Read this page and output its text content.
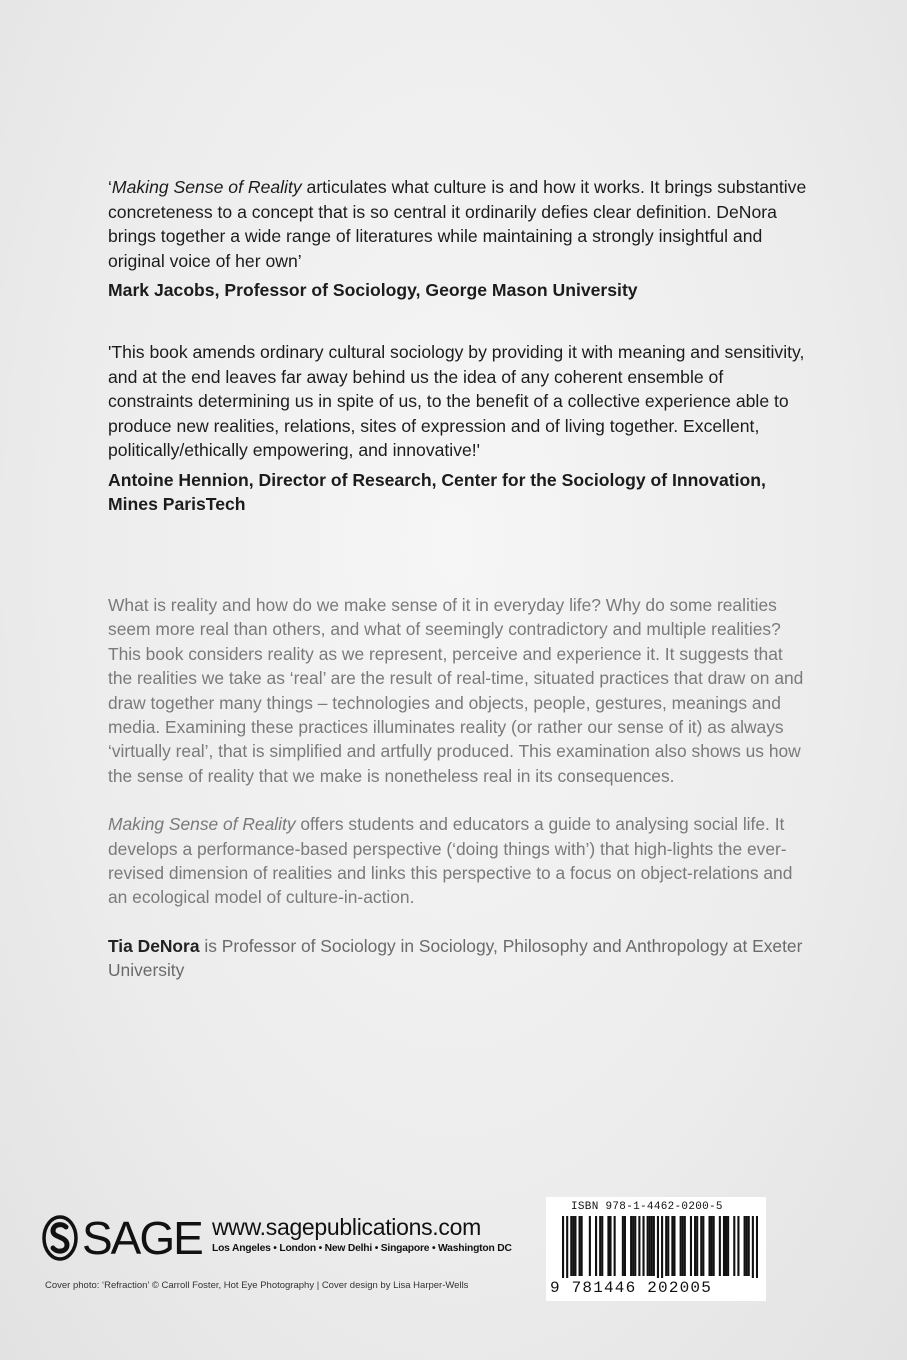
‘Making Sense of Reality articulates what culture is and how it works. It brings substantive concreteness to a concept that is so central it ordinarily defies clear definition. DeNora brings together a wide range of literatures while maintaining a strongly insightful and original voice of her own’

Mark Jacobs, Professor of Sociology, George Mason University

'This book amends ordinary cultural sociology by providing it with meaning and sensitivity, and at the end leaves far away behind us the idea of any coherent ensemble of constraints determining us in spite of us, to the benefit of a collective experience able to produce new realities, relations, sites of expression and of living together. Excellent, politically/ethically empowering, and innovative!'

Antoine Hennion, Director of Research, Center for the Sociology of Innovation, Mines ParisTech

What is reality and how do we make sense of it in everyday life? Why do some realities seem more real than others, and what of seemingly contradictory and multiple realities? This book considers reality as we represent, perceive and experience it. It suggests that the realities we take as ‘real’ are the result of real-time, situated practices that draw on and draw together many things – technologies and objects, people, gestures, meanings and media. Examining these practices illuminates reality (or rather our sense of it) as always ‘virtually real’, that is simplified and artfully produced. This examination also shows us how the sense of reality that we make is nonetheless real in its consequences.

Making Sense of Reality offers students and educators a guide to analysing social life. It develops a performance-based perspective (‘doing things with’) that high-lights the ever-revised dimension of realities and links this perspective to a focus on object-relations and an ecological model of culture-in-action.

Tia DeNora is Professor of Sociology in Sociology, Philosophy and Anthropology at Exeter University

SAGE www.sagepublications.com
Los Angeles • London • New Delhi • Singapore • Washington DC
Cover photo: ‘Refraction’ © Carroll Foster, Hot Eye Photography | Cover design by Lisa Harper-Wells
ISBN 978-1-4462-0200-5
9 781446 202005
